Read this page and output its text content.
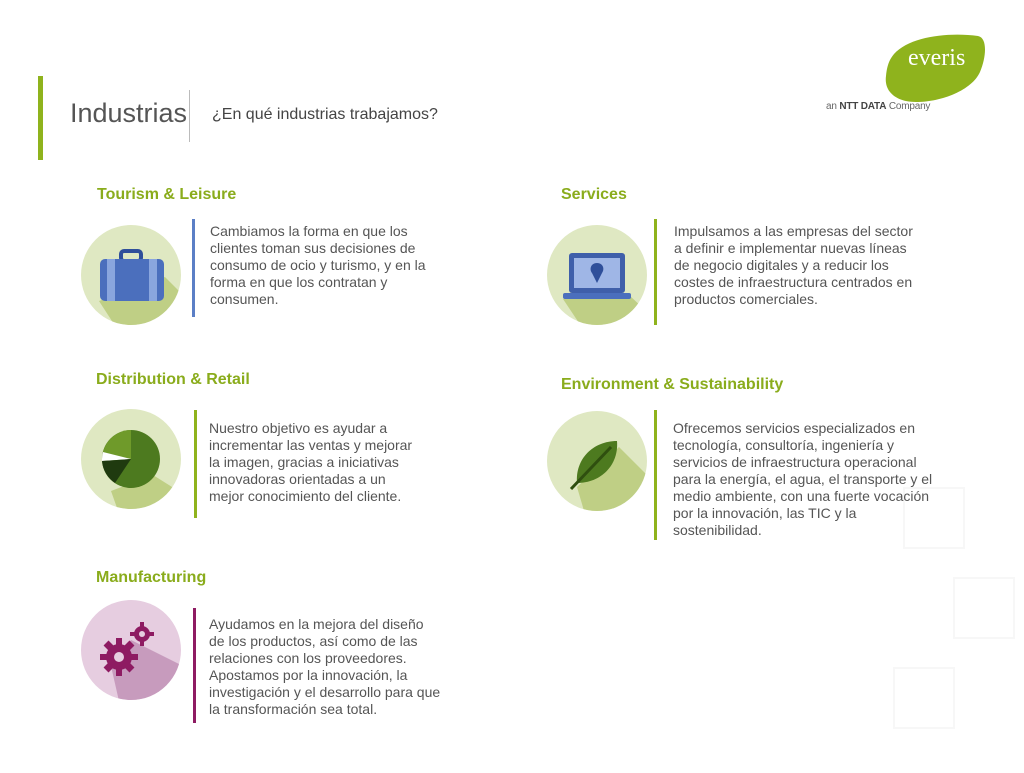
Industrias ¿En qué industrias trabajamos?
everis
an NTT DATA Company
Tourism & Leisure
Cambiamos la forma en que los
clientes toman sus decisiones de
consumo de ocio y turismo, y en la
forma en que los contratan y
consumen.
Services
Impulsamos a las empresas del sector
a definir e implementar nuevas líneas
de negocio digitales y a reducir los
costes de infraestructura centrados en
productos comerciales.
Distribution & Retail
Nuestro objetivo es ayudar a
incrementar las ventas y mejorar
la imagen, gracias a iniciativas
innovadoras orientadas a un
mejor conocimiento del cliente.
Environment & Sustainability
Ofrecemos servicios especializados en
tecnología, consultoría, ingeniería y
servicios de infraestructura operacional
para la energía, el agua, el transporte y el
medio ambiente, con una fuerte vocación
por la innovación, las TIC y la
sostenibilidad.
Manufacturing
Ayudamos en la mejora del diseño
de los productos, así como de las
relaciones con los proveedores.
Apostamos por la innovación, la
investigación y el desarrollo para que
la transformación sea total.
